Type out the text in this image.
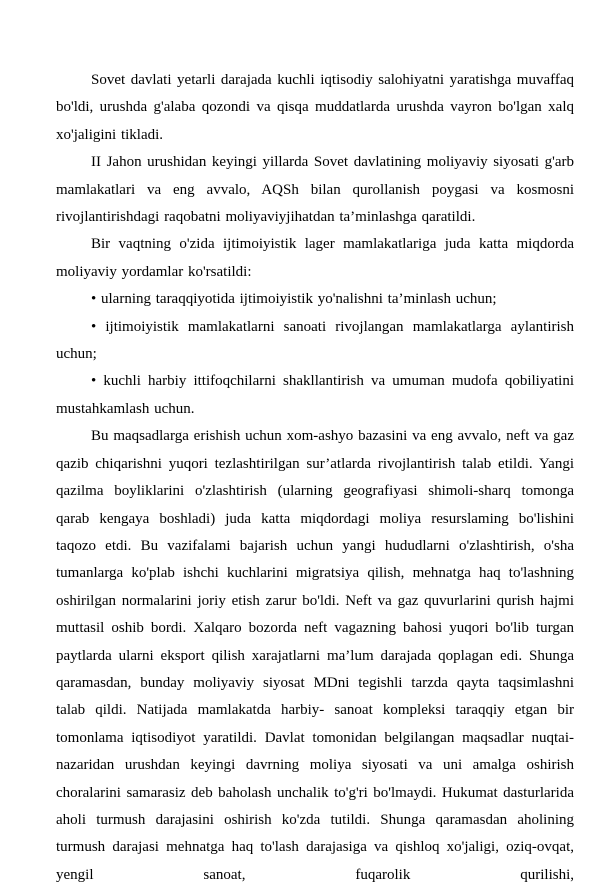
Sovet davlati yetarli darajada kuchli iqtisodiy salohiyatni yaratishga muvaffaq bo'ldi, urushda g'alaba qozondi va qisqa muddatlarda urushda vayron bo'lgan xalq xo'jaligini tikladi.

II Jahon urushidan keyingi yillarda Sovet davlatining moliyaviy siyosati g'arb mamlakatlari va eng avvalo, AQSh bilan qurollanish poygasi va kosmosni rivojlantirishdagi raqobatni moliyaviyjihatdan ta’minlashga qaratildi.

Bir vaqtning o'zida ijtimoiyistik lager mamlakatlariga juda katta miqdorda moliyaviy yordamlar ko'rsatildi:

• ularning taraqqiyotida ijtimoiyistik yo'nalishni ta’minlash uchun;

• ijtimoiyistik mamlakatlarni sanoati rivojlangan mamlakatlarga aylantirish uchun;

• kuchli harbiy ittifoqchilarni shakllantirish va umuman mudofa qobiliyatini mustahkamlash uchun.

Bu maqsadlarga erishish uchun xom-ashyo bazasini va eng avvalo, neft va gaz qazib chiqarishni yuqori tezlashtirilgan sur’atlarda rivojlantirish talab etildi. Yangi qazilma boyliklarini o'zlashtirish (ularning geografiyasi shimoli-sharq tomonga qarab kengaya boshladi) juda katta miqdordagi moliya resurslaming bo'lishini taqozo etdi. Bu vazifalami bajarish uchun yangi hududlarni o'zlashtirish, o'sha tumanlarga ko'plab ishchi kuchlarini migratsiya qilish, mehnatga haq to'lashning oshirilgan normalarini joriy etish zarur bo'ldi. Neft va gaz quvurlarini qurish hajmi muttasil oshib bordi. Xalqaro bozorda neft vagazning bahosi yuqori bo'lib turgan paytlarda ularni eksport qilish xarajatlarni ma’lum darajada qoplagan edi. Shunga qaramasdan, bunday moliyaviy siyosat MDni tegishli tarzda qayta taqsimlashni talab qildi. Natijada mamlakatda harbiy- sanoat kompleksi taraqqiy etgan bir tomonlama iqtisodiyot yaratildi. Davlat tomonidan belgilangan maqsadlar nuqtai-nazaridan urushdan keyingi davrning moliya siyosati va uni amalga oshirish choralarini samarasiz deb baholash unchalik to'g'ri bo'lmaydi. Hukumat dasturlarida aholi turmush darajasini oshirish ko'zda tutildi. Shunga qaramasdan aholining turmush darajasi mehnatga haq to'lash darajasiga va qishloq xo'jaligi, oziq-ovqat, yengil sanoat, fuqarolik qurilishi,
